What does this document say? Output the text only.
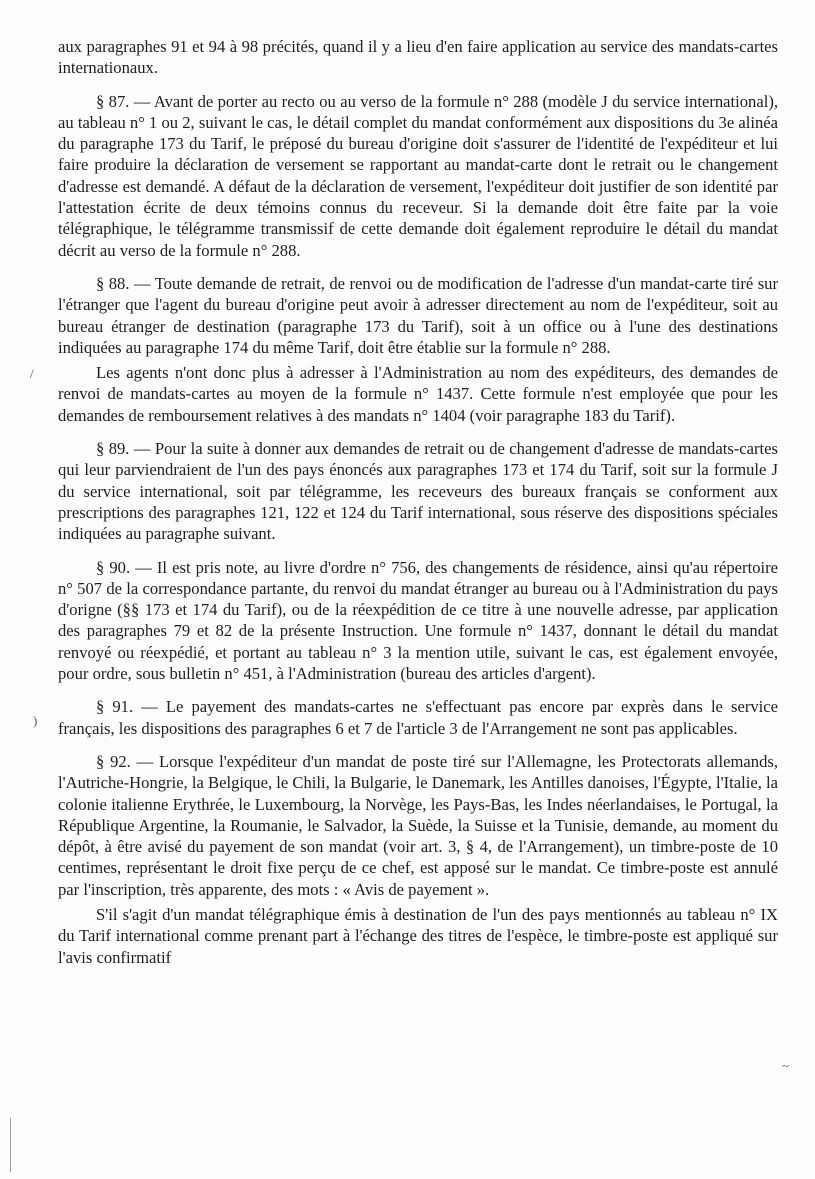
aux paragraphes 91 et 94 à 98 précités, quand il y a lieu d'en faire application au service des mandats-cartes internationaux.

§ 87. — Avant de porter au recto ou au verso de la formule n° 288 (modèle J du service international), au tableau n° 1 ou 2, suivant le cas, le détail complet du mandat conformément aux dispositions du 3e alinéa du paragraphe 173 du Tarif, le préposé du bureau d'origine doit s'assurer de l'identité de l'expéditeur et lui faire produire la déclaration de versement se rapportant au mandat-carte dont le retrait ou le changement d'adresse est demandé. A défaut de la déclaration de versement, l'expéditeur doit justifier de son identité par l'attestation écrite de deux témoins connus du receveur. Si la demande doit être faite par la voie télégraphique, le télégramme transmissif de cette demande doit également reproduire le détail du mandat décrit au verso de la formule n° 288.

§ 88. — Toute demande de retrait, de renvoi ou de modification de l'adresse d'un mandat-carte tiré sur l'étranger que l'agent du bureau d'origine peut avoir à adresser directement au nom de l'expéditeur, soit au bureau étranger de destination (paragraphe 173 du Tarif), soit à un office ou à l'une des destinations indiquées au paragraphe 174 du même Tarif, doit être établie sur la formule n° 288.

Les agents n'ont donc plus à adresser à l'Administration au nom des expéditeurs, des demandes de renvoi de mandats-cartes au moyen de la formule n° 1437. Cette formule n'est employée que pour les demandes de remboursement relatives à des mandats n° 1404 (voir paragraphe 183 du Tarif).

§ 89. — Pour la suite à donner aux demandes de retrait ou de changement d'adresse de mandats-cartes qui leur parviendraient de l'un des pays énoncés aux paragraphes 173 et 174 du Tarif, soit sur la formule J du service international, soit par télégramme, les receveurs des bureaux français se conforment aux prescriptions des paragraphes 121, 122 et 124 du Tarif international, sous réserve des dispositions spéciales indiquées au paragraphe suivant.

§ 90. — Il est pris note, au livre d'ordre n° 756, des changements de résidence, ainsi qu'au répertoire n° 507 de la correspondance partante, du renvoi du mandat étranger au bureau ou à l'Administration du pays d'origne (§§ 173 et 174 du Tarif), ou de la réexpédition de ce titre à une nouvelle adresse, par application des paragraphes 79 et 82 de la présente Instruction. Une formule n° 1437, donnant le détail du mandat renvoyé ou réexpédié, et portant au tableau n° 3 la mention utile, suivant le cas, est également envoyée, pour ordre, sous bulletin n° 451, à l'Administration (bureau des articles d'argent).

§ 91. — Le payement des mandats-cartes ne s'effectuant pas encore par exprès dans le service français, les dispositions des paragraphes 6 et 7 de l'article 3 de l'Arrangement ne sont pas applicables.

§ 92. — Lorsque l'expéditeur d'un mandat de poste tiré sur l'Allemagne, les Protectorats allemands, l'Autriche-Hongrie, la Belgique, le Chili, la Bulgarie, le Danemark, les Antilles danoises, l'Égypte, l'Italie, la colonie italienne Erythrée, le Luxembourg, la Norvège, les Pays-Bas, les Indes néerlandaises, le Portugal, la République Argentine, la Roumanie, le Salvador, la Suède, la Suisse et la Tunisie, demande, au moment du dépôt, à être avisé du payement de son mandat (voir art. 3, § 4, de l'Arrangement), un timbre-poste de 10 centimes, représentant le droit fixe perçu de ce chef, est apposé sur le mandat. Ce timbre-poste est annulé par l'inscription, très apparente, des mots : « Avis de payement ».

S'il s'agit d'un mandat télégraphique émis à destination de l'un des pays mentionnés au tableau n° IX du Tarif international comme prenant part à l'échange des titres de l'espèce, le timbre-poste est appliqué sur l'avis confirmatif

/
)
~
